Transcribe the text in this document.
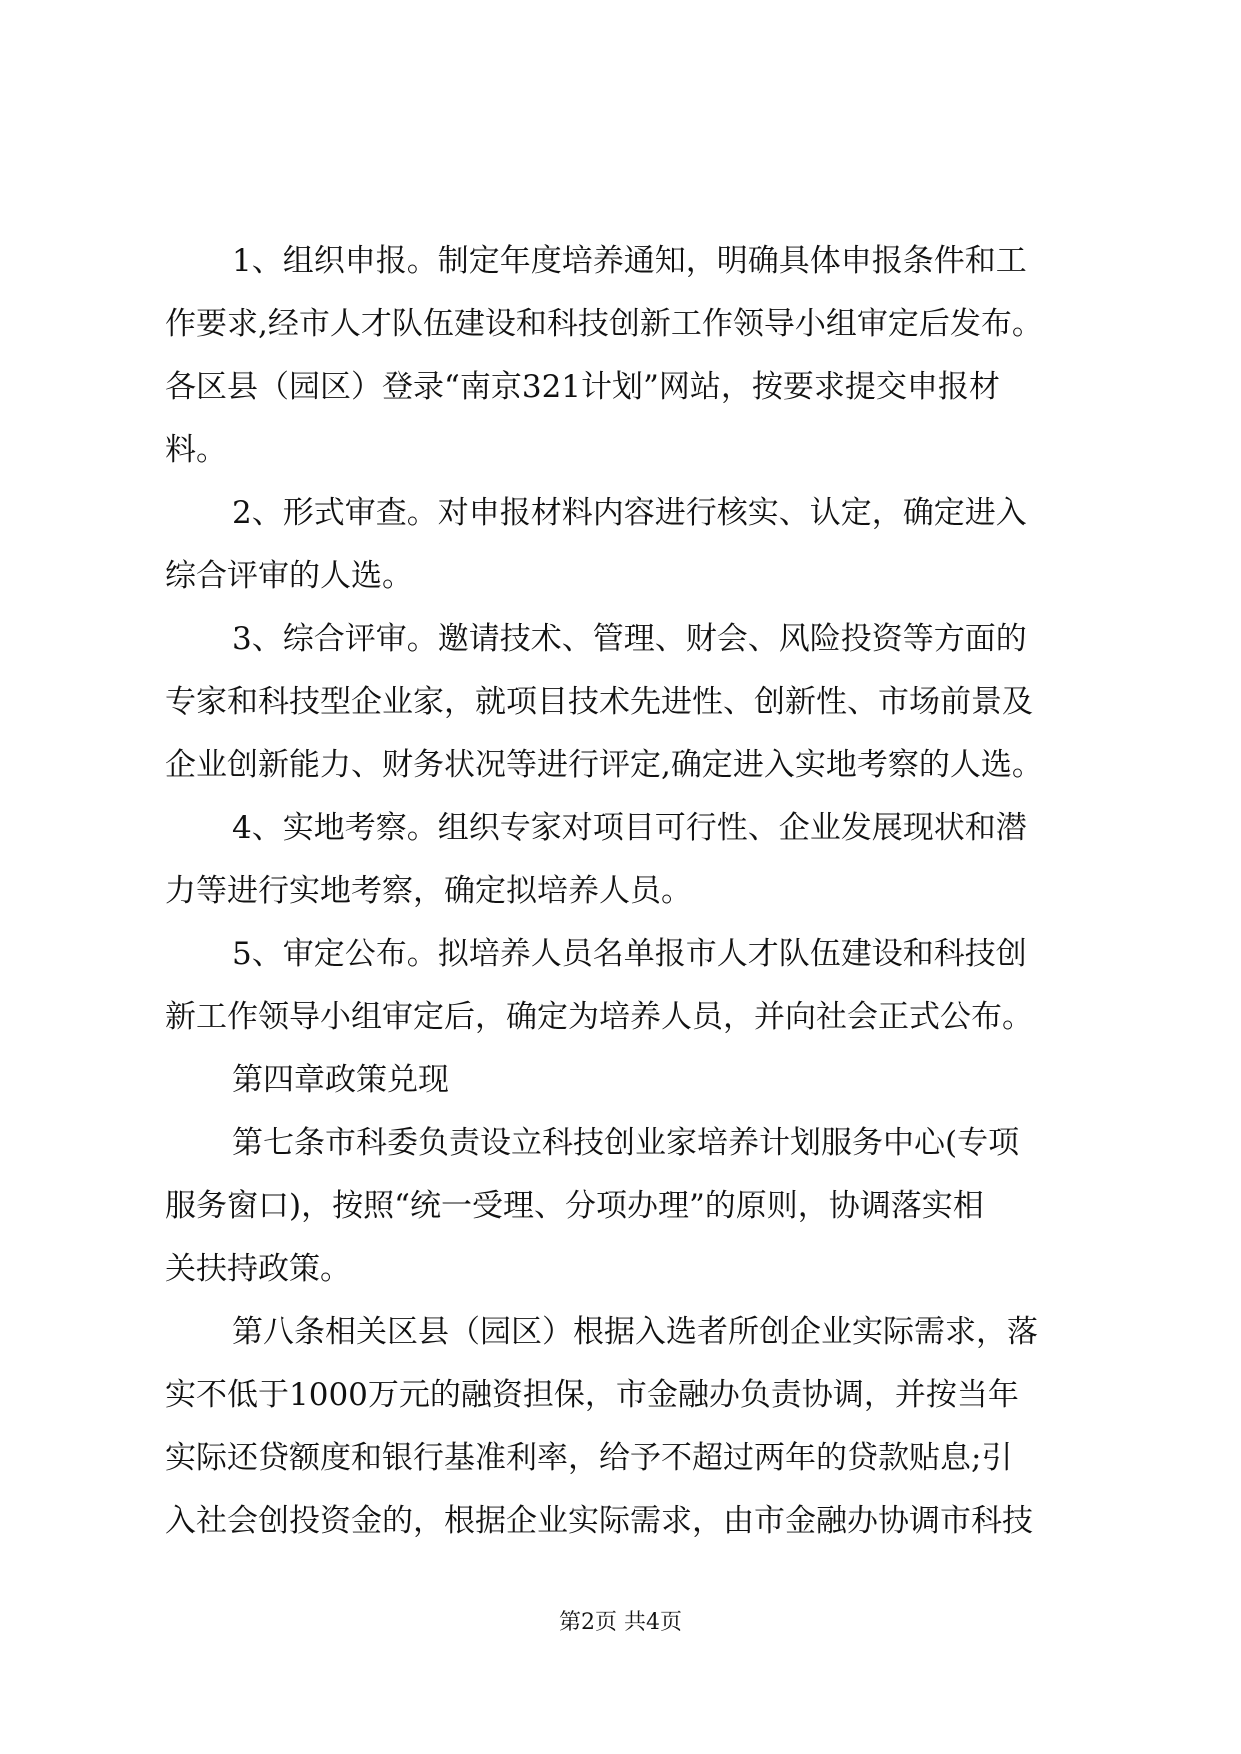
1、组织申报。制定年度培养通知，明确具体申报条件和工
作要求,经市人才队伍建设和科技创新工作领导小组审定后发布。
各区县（园区）登录“南京321计划”网站，按要求提交申报材
料。
2、形式审查。对申报材料内容进行核实、认定，确定进入
综合评审的人选。
3、综合评审。邀请技术、管理、财会、风险投资等方面的
专家和科技型企业家，就项目技术先进性、创新性、市场前景及
企业创新能力、财务状况等进行评定,确定进入实地考察的人选。
4、实地考察。组织专家对项目可行性、企业发展现状和潜
力等进行实地考察，确定拟培养人员。
5、审定公布。拟培养人员名单报市人才队伍建设和科技创
新工作领导小组审定后，确定为培养人员，并向社会正式公布。
第四章政策兑现
第七条市科委负责设立科技创业家培养计划服务中心(专项
服务窗口)，按照“统一受理、分项办理”的原则，协调落实相
关扶持政策。
第八条相关区县（园区）根据入选者所创企业实际需求，落
实不低于1000万元的融资担保，市金融办负责协调，并按当年
实际还贷额度和银行基准利率，给予不超过两年的贷款贴息;引
入社会创投资金的，根据企业实际需求，由市金融办协调市科技
第2页 共4页
